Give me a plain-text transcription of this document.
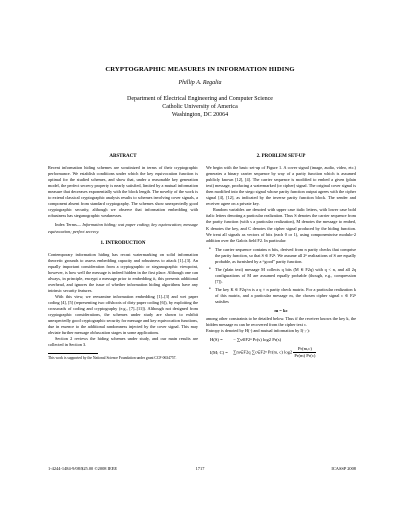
CRYPTOGRAPHIC MEASURES IN INFORMATION HIDING
Phillip A. Regalia
Department of Electrical Engineering and Computer Science
Catholic University of America
Washington, DC 20064
ABSTRACT

Recent information hiding schemes are scrutinized in terms of their cryptographic performance. We establish conditions under which the key equivocation function is optimal for the studied schemes, and show that, under a reasonable key generation model, the perfect secrecy property is nearly satisfied, limited by a mutual information measure that decreases exponentially with the block length. The novelty of the work is to extend classical cryptographic analysis results to schemes involving cover signals, a component absent from standard cryptography. The schemes show unexpectedly good cryptographic security, although we observe that information embedding with robustness has steganographic weaknesses.

Index Terms— Information hiding; wat paper coding; key equivocation; message equivocation; perfect secrecy.

1. INTRODUCTION

Contemporary information hiding has recast watermarking on solid information theoretic grounds to assess embedding capacity and robustness to attack [1]–[3]. An equally important consideration from a cryptographic or steganographic viewpoint, however, is how well the message is indeed hidden in the first place. Although one can always, in principle, encrypt a message prior to embedding it, this presents additional overhead, and ignores the issue of whether information hiding algorithms have any intrinsic security features.

With this view, we reexamine information embedding [1]–[3] and wet paper coding [4], [5] (representing two offshoots of dirty paper coding [6]), by exploiting the crossroads of coding and cryptography (e.g., [7]–[11]). Although not designed from cryptographic considerations, the schemes under study are shown to exhibit unexpectedly good cryptographic security for message and key equivocation functions, due in essence to the additional randomness injected by the cover signal. This may obviate further message obfuscation stages in some applications.

Section 2 reviews the hiding schemes under study, and our main results are collected in Section 3.

This work is supported by the National Science Foundation under grant CCF-0634757.
2. PROBLEM SET-UP

We begin with the basic set-up of Figure 1. A cover signal (image, audio, video, etc.) generates a binary carrier sequence by way of a parity function which is assumed publicly known [12], [4]. The carrier sequence is modified to embed a given (plain text) message, producing a watermarked (or cipher) signal. The original cover signal is then modified into the stego signal whose parity function output agrees with the cipher signal [4], [12], as indicated by the inverse parity function block. The sender and receiver agree on a private key.

Random variables are denoted with upper case italic letters, with lower case bold italic letters denoting a particular realization. Thus S denotes the carrier sequence from the parity function (with s a particular realization), M denotes the message to embed, K denotes the key, and C denotes the cipher signal produced by the hiding function. We treat all signals as vectors of bits (each 0 or 1), using componentwise modulo-2 addition over the Galois field F2. In particular:

• The carrier sequence contains n bits, derived from n parity checks that comprise the parity function, so that S ∈ F2ⁿ. We assume all 2ⁿ realizations of S are equally probable, as furnished by a “good” parity function.
• The (plain text) message M collects q bits (M ∈ F2q) with q < n, and all 2q configurations of M are assumed equally probable (though, e.g., compression [7]).
• The key K ∈ F2q×n is a q × n parity check matrix. For a particular realization k of this matrix, and a particular message m, the chosen cipher signal c ∈ F2ⁿ satisfies
m = kc

among other constraints to be detailed below. Thus if the receiver knows the key k, the hidden message m can be recovered from the cipher text c.

Entropy is denoted by H(·) and mutual information by I(·;·):

H(S) = − ∑s∈F2ⁿ Pr(s) log2 Pr(s)
I(M; C) = ∑m∈F2q ∑c∈F2ⁿ Pr(m, c) $\log 2 \frac{Pr(m,c)}{Pr(m) Pr(c)}$
1-4244-1484-9/08/$25.00 ©2008 IEEE	1717	ICASSP 2008
